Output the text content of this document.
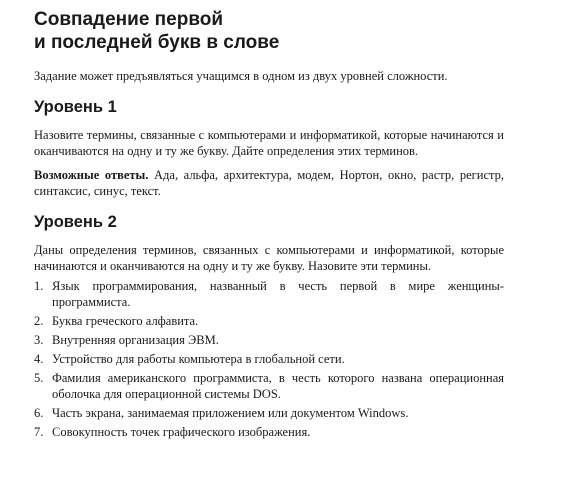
Совпадение первой
и последней букв в слове

Задание может предъявляться учащимся в одном из двух уровней сложности.

Уровень 1

Назовите термины, связанные с компьютерами и информатикой, которые начинаются и оканчиваются на одну и ту же букву. Дайте определения этих терминов.

Возможные ответы. Ада, альфа, архитектура, модем, Нортон, окно, растр, регистр, синтаксис, синус, текст.

Уровень 2

Даны определения терминов, связанных с компьютерами и информатикой, которые начинаются и оканчиваются на одну и ту же букву. Назовите эти термины.

1. Язык программирования, названный в честь первой в мире женщины-программиста.
2. Буква греческого алфавита.
3. Внутренняя организация ЭВМ.
4. Устройство для работы компьютера в глобальной сети.
5. Фамилия американского программиста, в честь которого названа операционная оболочка для операционной системы DOS.
6. Часть экрана, занимаемая приложением или документом Windows.
7. Совокупность точек графического изображения.
